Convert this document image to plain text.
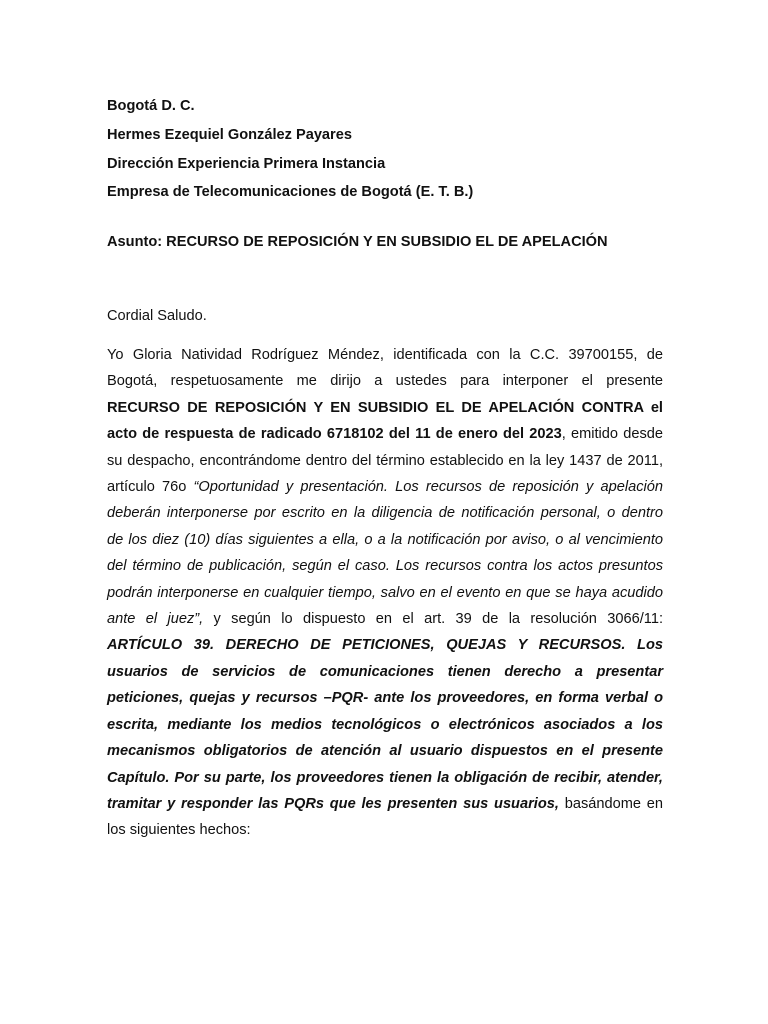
Bogotá D. C.

Hermes Ezequiel González Payares

Dirección Experiencia Primera Instancia

Empresa de Telecomunicaciones de Bogotá (E. T. B.)

Asunto: RECURSO DE REPOSICIÓN Y EN SUBSIDIO EL DE APELACIÓN

Cordial Saludo.

Yo Gloria Natividad Rodríguez Méndez, identificada con la C.C. 39700155, de
Bogotá, respetuosamente me dirijo a ustedes para interponer el presente
RECURSO DE REPOSICIÓN Y EN SUBSIDIO EL DE APELACIÓN CONTRA el
acto de respuesta de radicado 6718102 del 11 de enero del 2023, emitido desde
su despacho, encontrándome dentro del término establecido en la ley 1437 de 2011,
artículo 76o “Oportunidad y presentación. Los recursos de reposición y apelación
deberán interponerse por escrito en la diligencia de notificación personal, o dentro
de los diez (10) días siguientes a ella, o a la notificación por aviso, o al vencimiento
del término de publicación, según el caso. Los recursos contra los actos presuntos
podrán interponerse en cualquier tiempo, salvo en el evento en que se haya acudido
ante el juez”, y según lo dispuesto en el art. 39 de la resolución 3066/11:
ARTÍCULO 39. DERECHO DE PETICIONES, QUEJAS Y RECURSOS. Los
usuarios de servicios de comunicaciones tienen derecho a presentar
peticiones, quejas y recursos –PQR- ante los proveedores, en forma verbal o
escrita, mediante los medios tecnológicos o electrónicos asociados a los
mecanismos obligatorios de atención al usuario dispuestos en el presente
Capítulo. Por su parte, los proveedores tienen la obligación de recibir, atender,
tramitar y responder las PQRs que les presenten sus usuarios, basándome en
los siguientes hechos:
